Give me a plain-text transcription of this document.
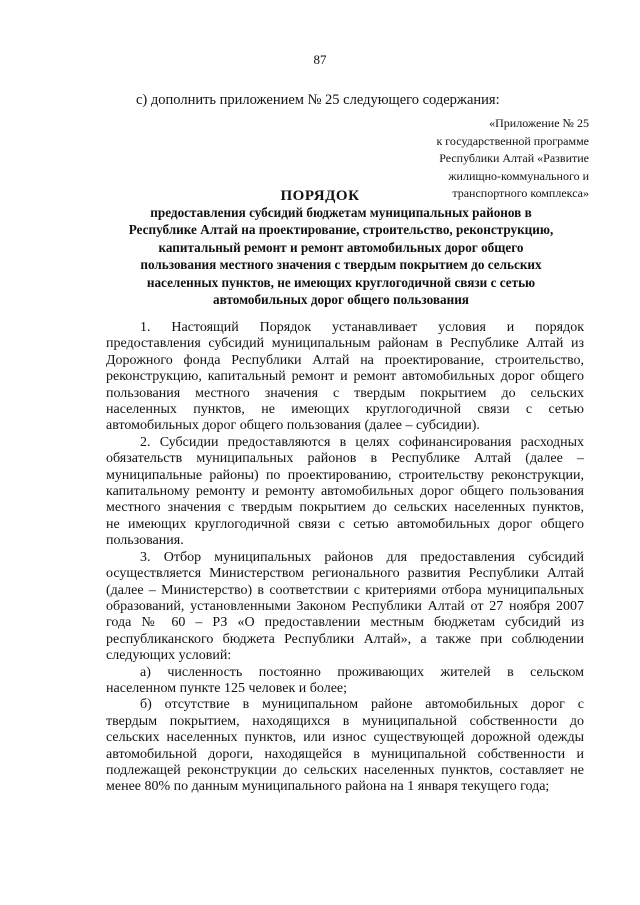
87
с) дополнить приложением № 25 следующего содержания:
«Приложение № 25
к государственной программе
Республики Алтай «Развитие
жилищно-коммунального и
транспортного комплекса»
ПОРЯДОК
предоставления субсидий бюджетам муниципальных районов в
Республике Алтай на проектирование, строительство, реконструкцию,
капитальный ремонт и ремонт автомобильных дорог общего
пользования местного значения с твердым покрытием до сельских
населенных пунктов, не имеющих круглогодичной связи с сетью
автомобильных дорог общего пользования

1. Настоящий Порядок устанавливает условия и порядок
предоставления субсидий муниципальным районам в Республике Алтай из
Дорожного фонда Республики Алтай на проектирование, строительство,
реконструкцию, капитальный ремонт и ремонт автомобильных дорог общего
пользования местного значения с твердым покрытием до сельских
населенных пунктов, не имеющих круглогодичной связи с сетью
автомобильных дорог общего пользования (далее – субсидии).

2. Субсидии предоставляются в целях софинансирования расходных
обязательств муниципальных районов в Республике Алтай (далее –
муниципальные районы) по проектированию, строительству реконструкции,
капитальному ремонту и ремонту автомобильных дорог общего пользования
местного значения с твердым покрытием до сельских населенных пунктов,
не имеющих круглогодичной связи с сетью автомобильных дорог общего
пользования.

3. Отбор муниципальных районов для предоставления субсидий
осуществляется Министерством регионального развития Республики Алтай
(далее – Министерство) в соответствии с критериями отбора муниципальных
образований, установленными Законом Республики Алтай от 27 ноября 2007
года № 60 – РЗ «О предоставлении местным бюджетам субсидий из
республиканского бюджета Республики Алтай», а также при соблюдении
следующих условий:

а) численность постоянно проживающих жителей в сельском
населенном пункте 125 человек и более;

б) отсутствие в муниципальном районе автомобильных дорог с
твердым покрытием, находящихся в муниципальной собственности до
сельских населенных пунктов, или износ существующей дорожной одежды
автомобильной дороги, находящейся в муниципальной собственности и
подлежащей реконструкции до сельских населенных пунктов, составляет не
менее 80% по данным муниципального района на 1 января текущего года;
